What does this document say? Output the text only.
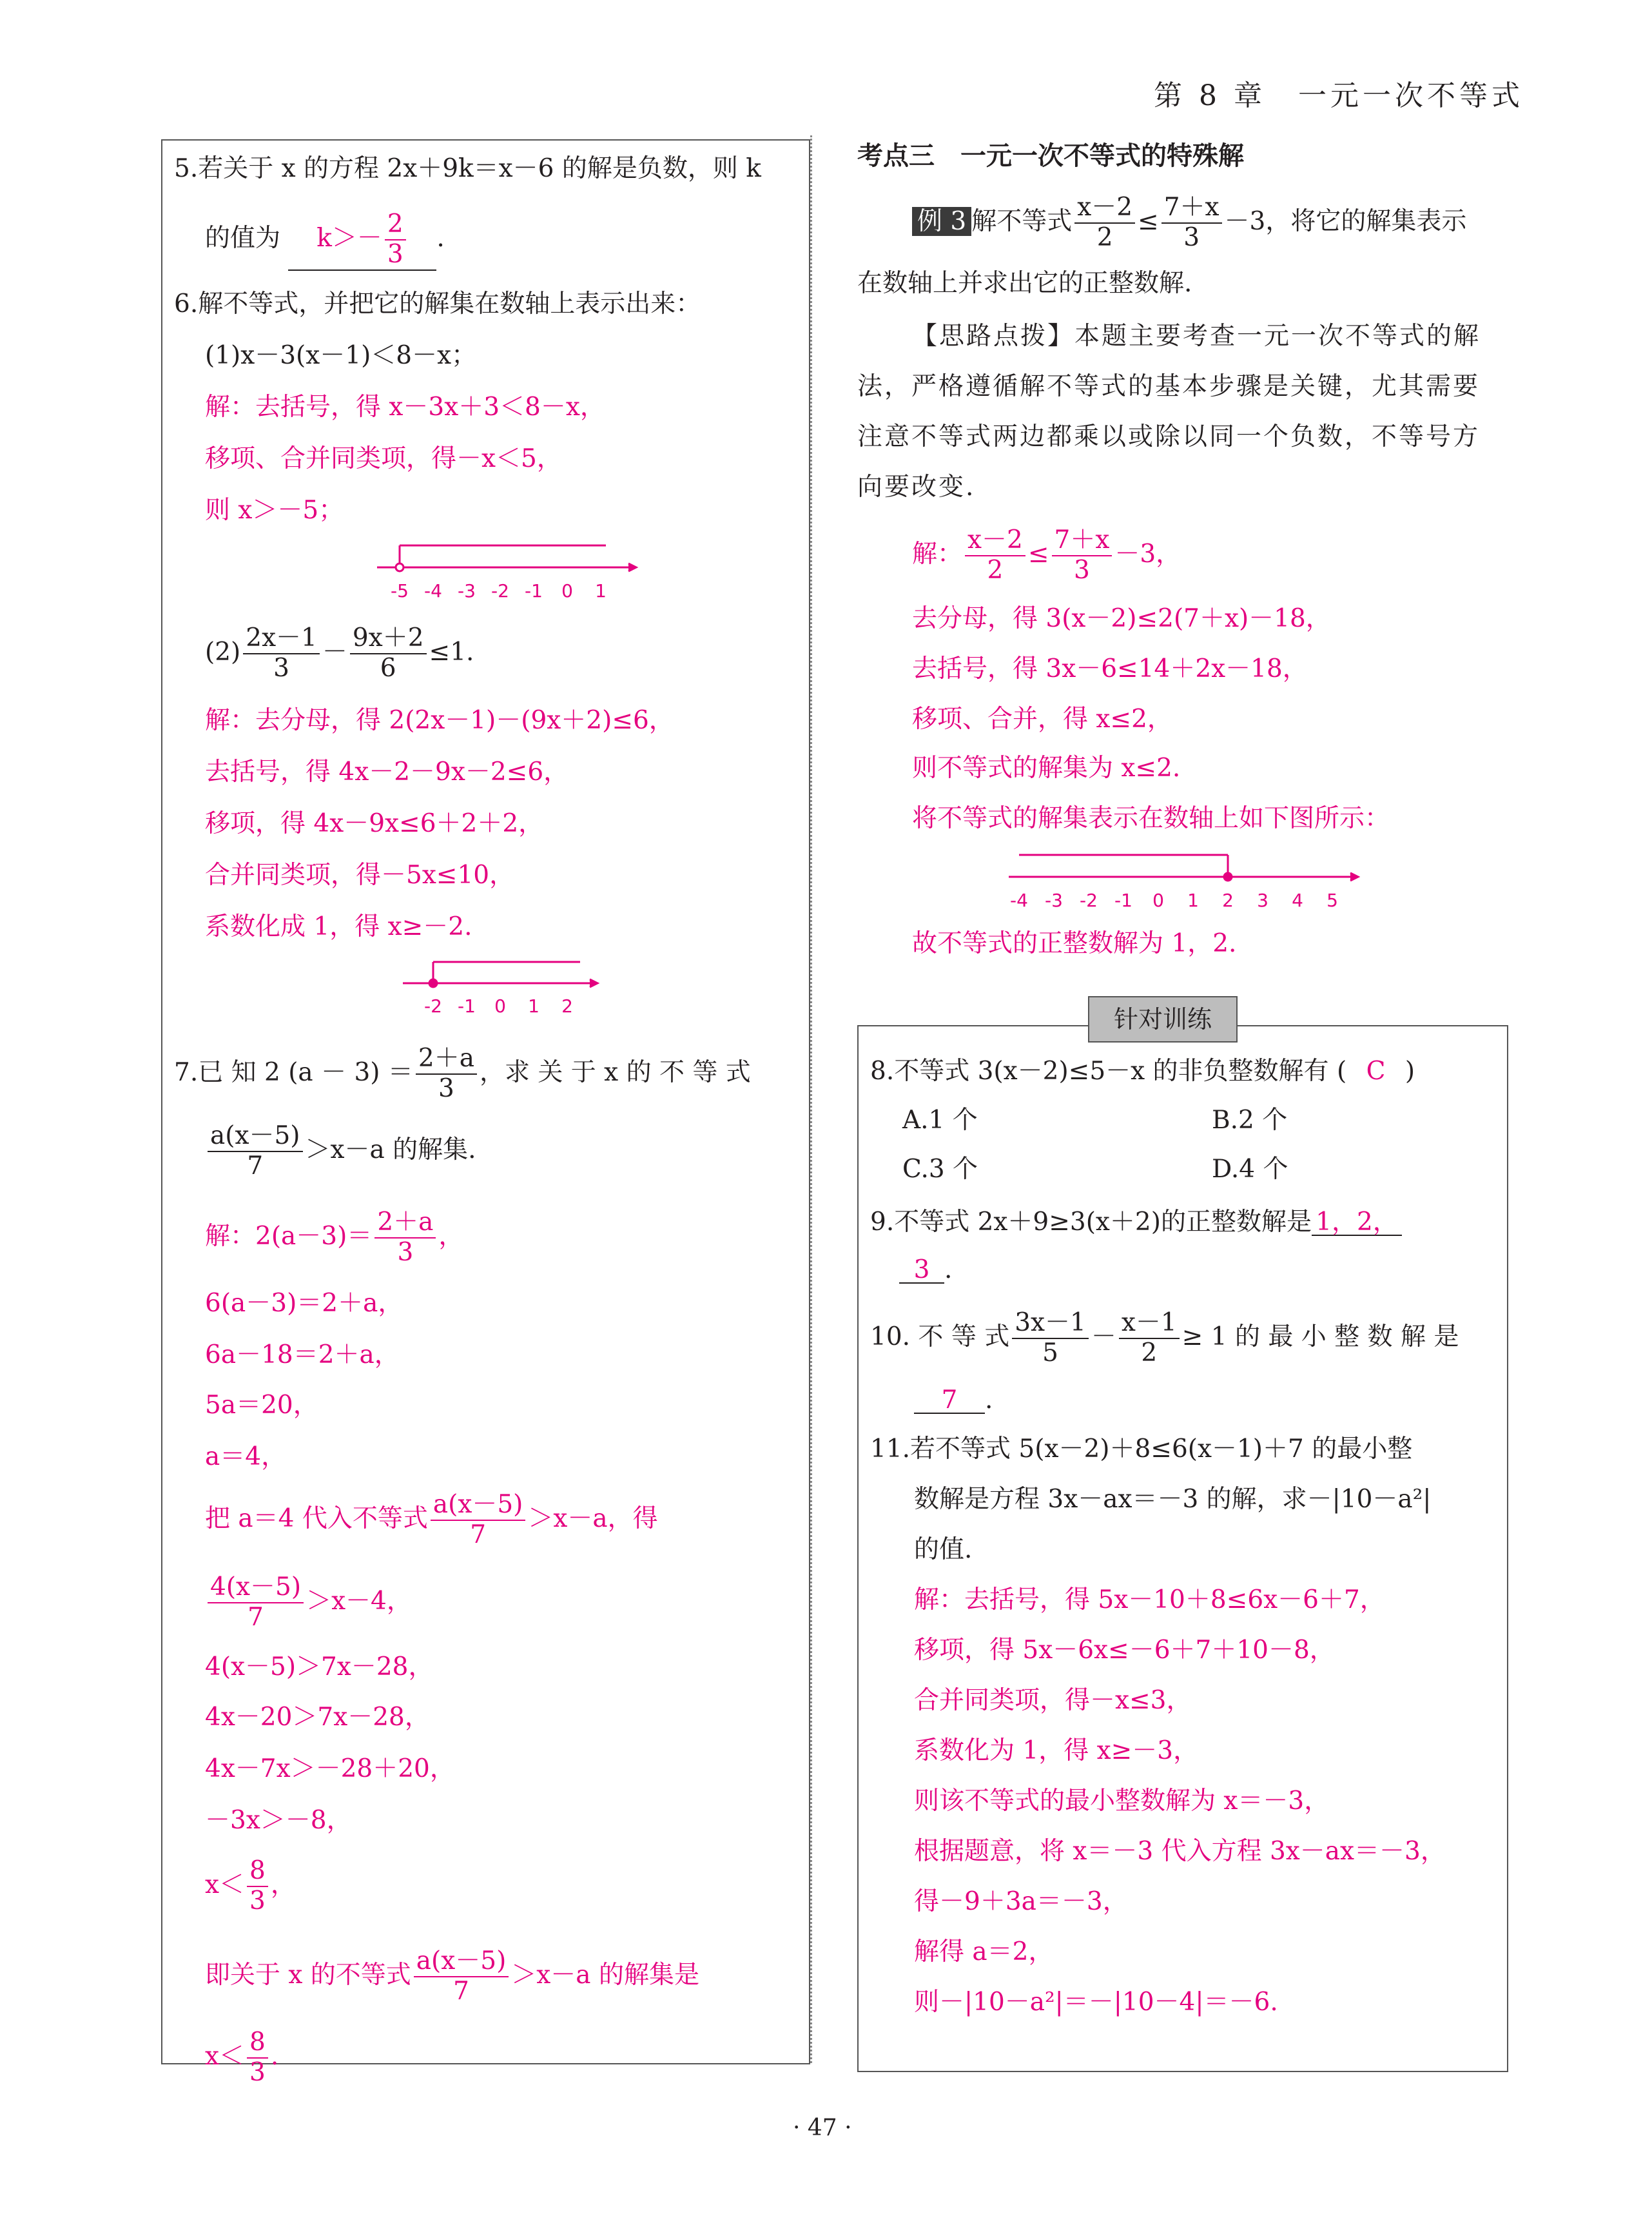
第 8 章　一元一次不等式
针对训练
5.若关于 x 的方程 2x＋9k＝x－6 的解是负数，则 k
的值为 $k>- \frac{2}{3}$ .
6.解不等式，并把它的解集在数轴上表示出来：
(1)x－3(x－1)＜8－x；
解：去括号，得 x－3x＋3＜8－x，
移项、合并同类项，得－x＜5，
则 x＞－5；
-5 -4 -3 -2 -1 0 1
$(2) \frac{2x-1}{3} - \frac{9x+2}{6} \le 1$.
解：去分母，得 2(2x－1)－(9x＋2)≤6，
去括号，得 4x－2－9x－2≤6，
移项，得 4x－9x≤6＋2＋2，
合并同类项，得－5x≤10，
系数化成 1，得 x≥－2.
-2 -1 0 1 2
7.已 知 2 $(a - 3) = \frac{2+a}{3}$ ，求 关 于 x 的 不 等 式
$\frac{a(x-5)}{7} >x-a$ 的解集.
解：$2(a-3)= \frac{2+a}{3}$ ，
6(a－3)＝2＋a，
6a－18＝2＋a，
5a＝20，
a＝4，
把 a＝4 代入不等式 $\frac{a(x-5)}{7} >x-a$，得
$\frac{4(x-5)}{7} >x-4$，
4(x－5)＞7x－28，
4x－20＞7x－28，
4x－7x＞－28＋20，
－3x＞－8，
$x< \frac{8}{3}$ ，
即关于 x 的不等式 $\frac{a(x-5)}{7} >x-a$ 的解集是
$x< \frac{8}{3}$ .
考点三　一元一次不等式的特殊解
例 3 解不等式 $\frac{x-2}{2} \le \frac{7+x}{3} -3$，将它的解集表示
在数轴上并求出它的正整数解.
【思路点拨】本题主要考查一元一次不等式的解
法，严格遵循解不等式的基本步骤是关键，尤其需要
注意不等式两边都乘以或除以同一个负数，不等号方
向要改变.
解： $\frac{x-2}{2} \le \frac{7+x}{3} -3$，
去分母，得 3(x－2)≤2(7＋x)－18，
去括号，得 3x－6≤14＋2x－18，
移项、合并，得 x≤2，
则不等式的解集为 x≤2.
将不等式的解集表示在数轴上如下图所示：
-4 -3 -2 -1 0 1 2 3 4 5
故不等式的正整数解为 1，2.
8.不等式 3(x－2)≤5－x 的非负整数解有 ( C )
A.1 个	B.2 个
C.3 个	D.4 个
9.不等式 2x＋9≥3(x＋2)的正整数解是 1，2，
3 .
10. 不 等 式 $\frac{3x-1}{5} - \frac{x-1}{2} \ge 1$ 的 最 小 整 数 解 是
7 .
11.若不等式 5(x－2)＋8≤6(x－1)＋7 的最小整
数解是方程 3x－ax＝－3 的解，求－|10－a²|
的值.
解：去括号，得 5x－10＋8≤6x－6＋7，
移项，得 5x－6x≤－6＋7＋10－8，
合并同类项，得－x≤3，
系数化为 1，得 x≥－3，
则该不等式的最小整数解为 x＝－3，
根据题意，将 x＝－3 代入方程 3x－ax＝－3，
得－9＋3a＝－3，
解得 a＝2，
则－|10－a²|＝－|10－4|＝－6.
· 47 ·
